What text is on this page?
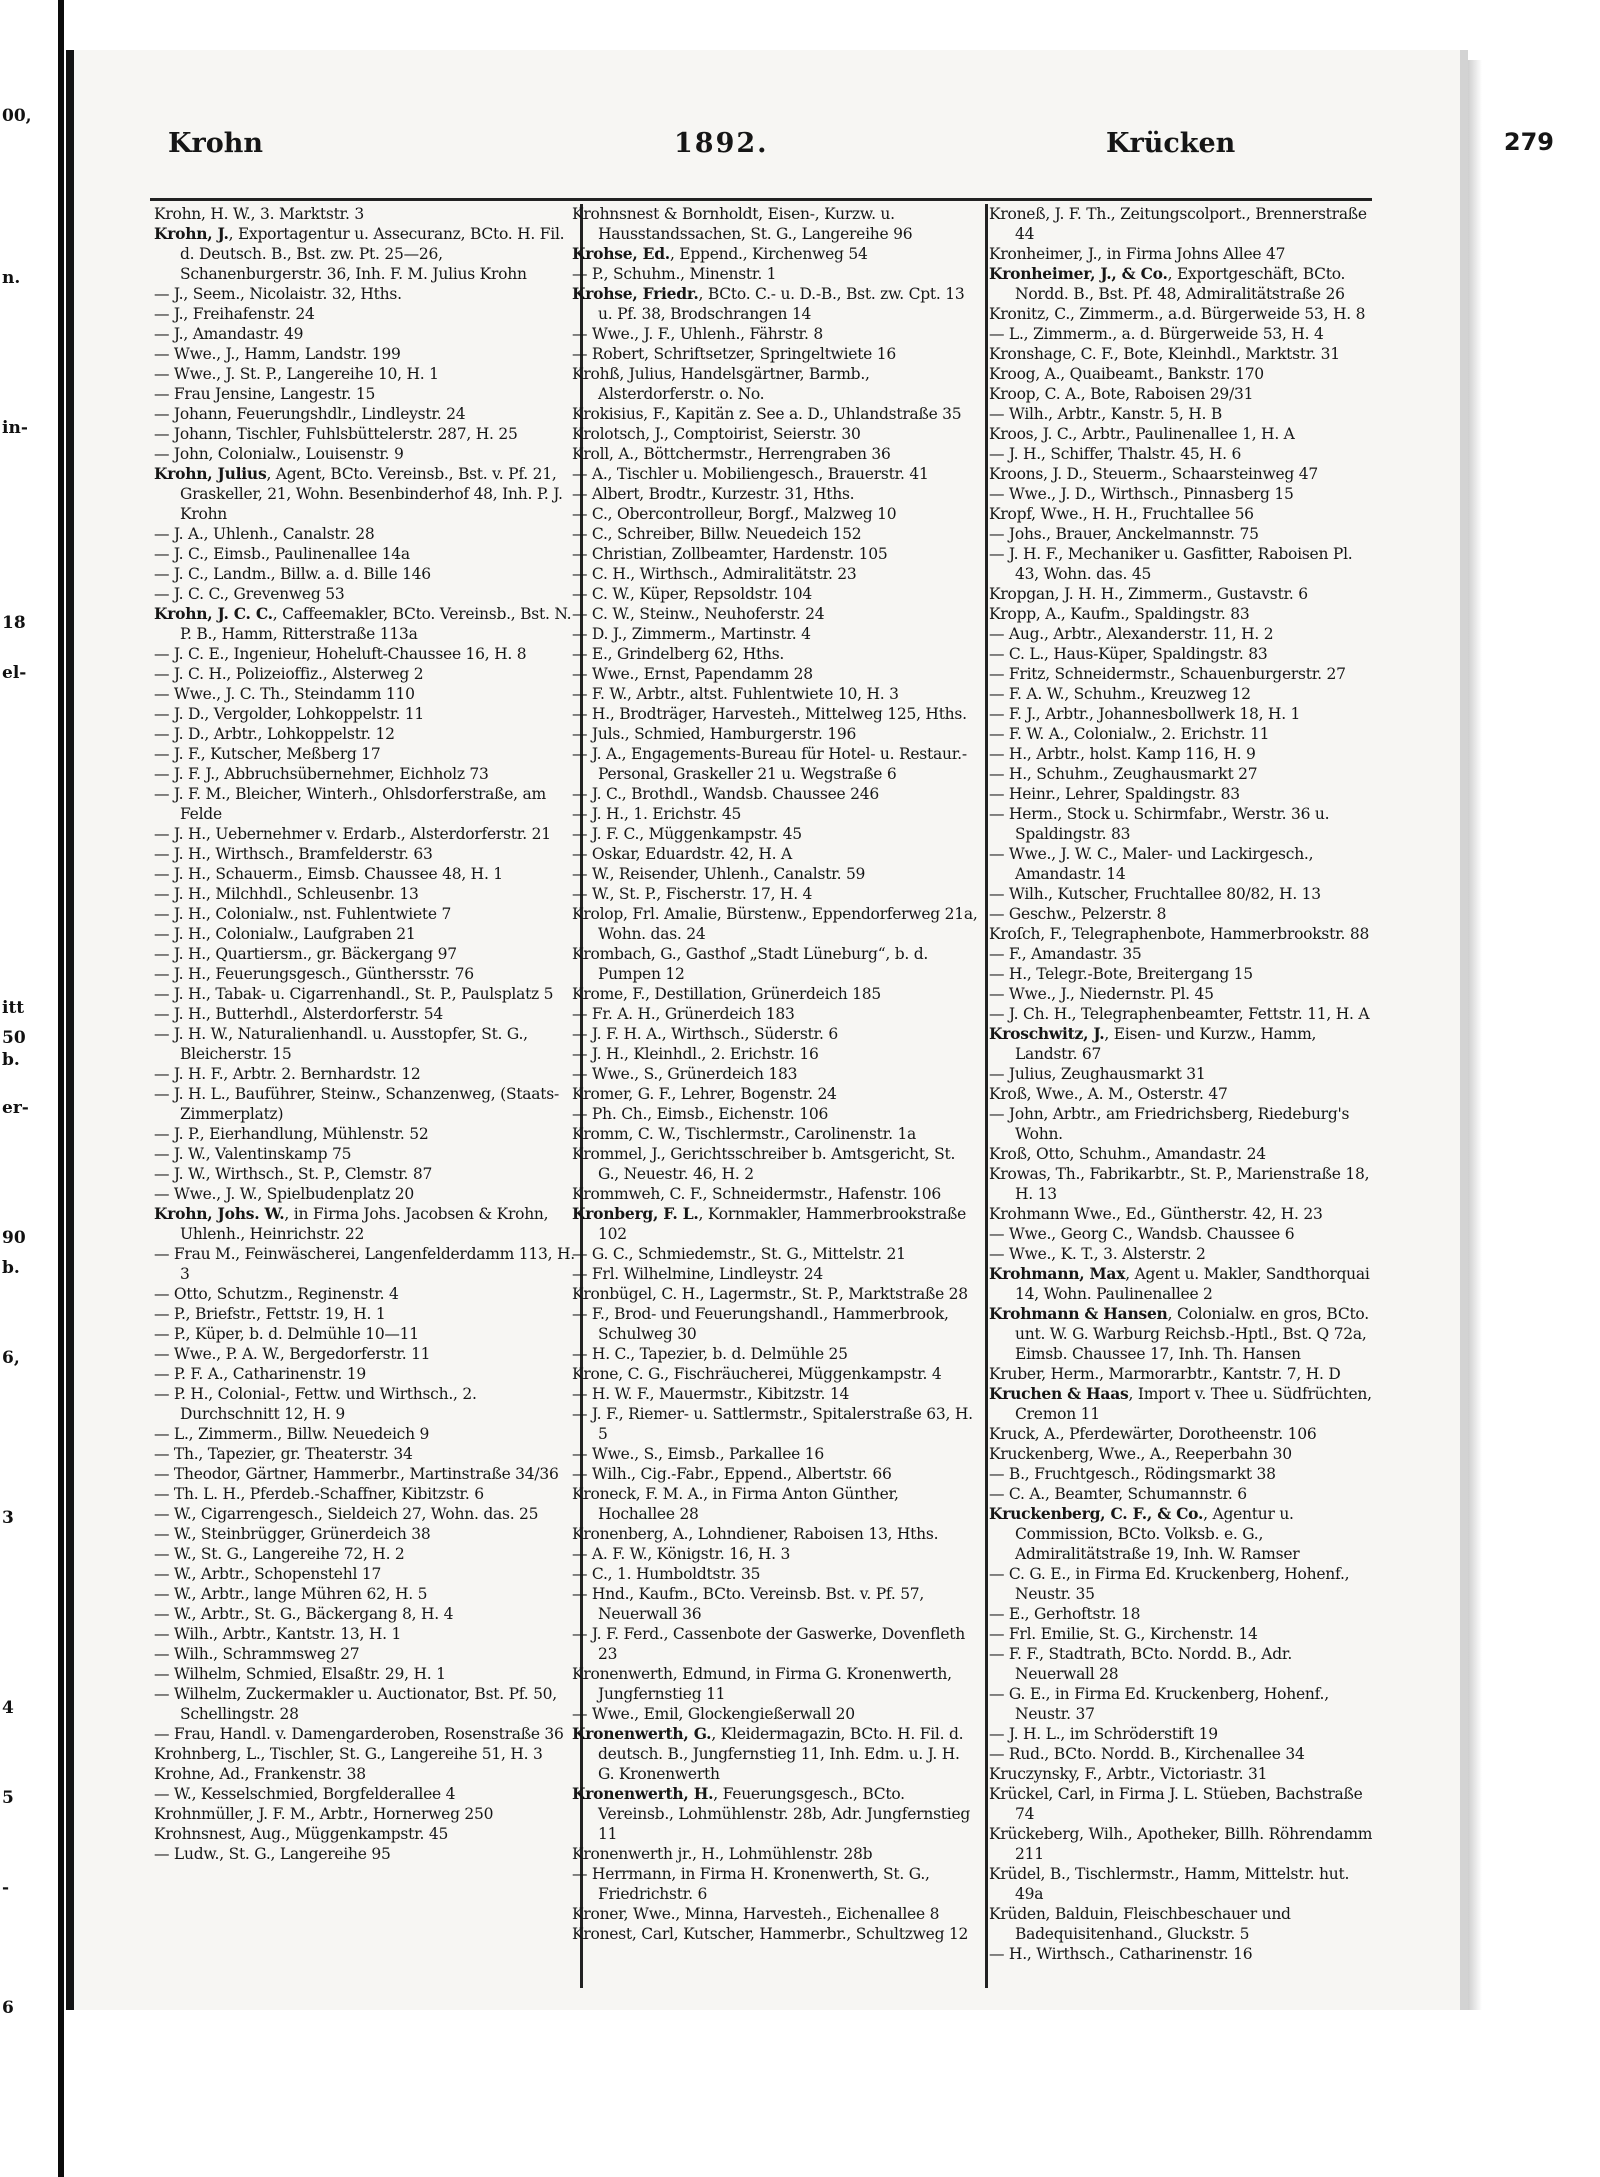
00,
n.
in-
18
el-
itt
50
b.
er-
90
b.
6,
3
4
5
-
6
Krohn	1892.	Krücken	279
Krohn, H. W., 3. Marktstr. 3
Krohn, J., Exportagentur u. Assecuranz, BCto. H. Fil. d. Deutsch. B., Bst. zw. Pt. 25—26, Schanenburgerstr. 36, Inh. F. M. Julius Krohn
— J., Seem., Nicolaistr. 32, Hths.
— J., Freihafenstr. 24
— J., Amandastr. 49
— Wwe., J., Hamm, Landstr. 199
— Wwe., J. St. P., Langereihe 10, H. 1
— Frau Jensine, Langestr. 15
— Johann, Feuerungshdlr., Lindleystr. 24
— Johann, Tischler, Fuhlsbüttelerstr. 287, H. 25
— John, Colonialw., Louisenstr. 9
Krohn, Julius, Agent, BCto. Vereinsb., Bst. v. Pf. 21, Graskeller, 21, Wohn. Besenbinderhof 48, Inh. P. J. Krohn
— J. A., Uhlenh., Canalstr. 28
— J. C., Eimsb., Paulinenallee 14a
— J. C., Landm., Billw. a. d. Bille 146
— J. C. C., Grevenweg 53
Krohn, J. C. C., Caffeemakler, BCto. Vereinsb., Bst. N. P. B., Hamm, Ritterstraße 113a
— J. C. E., Ingenieur, Hoheluft-Chaussee 16, H. 8
— J. C. H., Polizeioffiz., Alsterweg 2
— Wwe., J. C. Th., Steindamm 110
— J. D., Vergolder, Lohkoppelstr. 11
— J. D., Arbtr., Lohkoppelstr. 12
— J. F., Kutscher, Meßberg 17
— J. F. J., Abbruchsübernehmer, Eichholz 73
— J. F. M., Bleicher, Winterh., Ohlsdorferstraße, am Felde
— J. H., Uebernehmer v. Erdarb., Alsterdorferstr. 21
— J. H., Wirthsch., Bramfelderstr. 63
— J. H., Schauerm., Eimsb. Chaussee 48, H. 1
— J. H., Milchhdl., Schleusenbr. 13
— J. H., Colonialw., nst. Fuhlentwiete 7
— J. H., Colonialw., Laufgraben 21
— J. H., Quartiersm., gr. Bäckergang 97
— J. H., Feuerungsgesch., Günthersstr. 76
— J. H., Tabak- u. Cigarrenhandl., St. P., Paulsplatz 5
— J. H., Butterhdl., Alsterdorferstr. 54
— J. H. W., Naturalienhandl. u. Ausstopfer, St. G., Bleicherstr. 15
— J. H. F., Arbtr. 2. Bernhardstr. 12
— J. H. L., Bauführer, Steinw., Schanzenweg, (Staats-Zimmerplatz)
— J. P., Eierhandlung, Mühlenstr. 52
— J. W., Valentinskamp 75
— J. W., Wirthsch., St. P., Clemstr. 87
— Wwe., J. W., Spielbudenplatz 20
Krohn, Johs. W., in Firma Johs. Jacobsen & Krohn, Uhlenh., Heinrichstr. 22
— Frau M., Feinwäscherei, Langenfelderdamm 113, H. 3
— Otto, Schutzm., Reginenstr. 4
— P., Briefstr., Fettstr. 19, H. 1
— P., Küper, b. d. Delmühle 10—11
— Wwe., P. A. W., Bergedorferstr. 11
— P. F. A., Catharinenstr. 19
— P. H., Colonial-, Fettw. und Wirthsch., 2. Durchschnitt 12, H. 9
— L., Zimmerm., Billw. Neuedeich 9
— Th., Tapezier, gr. Theaterstr. 34
— Theodor, Gärtner, Hammerbr., Martinstraße 34/36
— Th. L. H., Pferdeb.-Schaffner, Kibitzstr. 6
— W., Cigarrengesch., Sieldeich 27, Wohn. das. 25
— W., Steinbrügger, Grünerdeich 38
— W., St. G., Langereihe 72, H. 2
— W., Arbtr., Schopenstehl 17
— W., Arbtr., lange Mühren 62, H. 5
— W., Arbtr., St. G., Bäckergang 8, H. 4
— Wilh., Arbtr., Kantstr. 13, H. 1
— Wilh., Schrammsweg 27
— Wilhelm, Schmied, Elsaßtr. 29, H. 1
— Wilhelm, Zuckermakler u. Auctionator, Bst. Pf. 50, Schellingstr. 28
— Frau, Handl. v. Damengarderoben, Rosenstraße 36
Krohnberg, L., Tischler, St. G., Langereihe 51, H. 3
Krohne, Ad., Frankenstr. 38
— W., Kesselschmied, Borgfelderallee 4
Krohnmüller, J. F. M., Arbtr., Hornerweg 250
Krohnsnest, Aug., Müggenkampstr. 45
— Ludw., St. G., Langereihe 95
Krohnsnest & Bornholdt, Eisen-, Kurzw. u. Hausstandssachen, St. G., Langereihe 96
Krohse, Ed., Eppend., Kirchenweg 54
— P., Schuhm., Minenstr. 1
Krohse, Friedr., BCto. C.- u. D.-B., Bst. zw. Cpt. 13 u. Pf. 38, Brodschrangen 14
— Wwe., J. F., Uhlenh., Fährstr. 8
— Robert, Schriftsetzer, Springeltwiete 16
Krohß, Julius, Handelsgärtner, Barmb., Alsterdorferstr. o. No.
Krokisius, F., Kapitän z. See a. D., Uhlandstraße 35
Krolotsch, J., Comptoirist, Seierstr. 30
Kroll, A., Böttchermstr., Herrengraben 36
— A., Tischler u. Mobiliengesch., Brauerstr. 41
— Albert, Brodtr., Kurzestr. 31, Hths.
— C., Obercontrolleur, Borgf., Malzweg 10
— C., Schreiber, Billw. Neuedeich 152
— Christian, Zollbeamter, Hardenstr. 105
— C. H., Wirthsch., Admiralitätstr. 23
— C. W., Küper, Repsoldstr. 104
— C. W., Steinw., Neuhoferstr. 24
— D. J., Zimmerm., Martinstr. 4
— E., Grindelberg 62, Hths.
— Wwe., Ernst, Papendamm 28
— F. W., Arbtr., altst. Fuhlentwiete 10, H. 3
— H., Brodträger, Harvesteh., Mittelweg 125, Hths.
— Juls., Schmied, Hamburgerstr. 196
— J. A., Engagements-Bureau für Hotel- u. Restaur.-Personal, Graskeller 21 u. Wegstraße 6
— J. C., Brothdl., Wandsb. Chaussee 246
— J. H., 1. Erichstr. 45
— J. F. C., Müggenkampstr. 45
— Oskar, Eduardstr. 42, H. A
— W., Reisender, Uhlenh., Canalstr. 59
— W., St. P., Fischerstr. 17, H. 4
Krolop, Frl. Amalie, Bürstenw., Eppendorferweg 21a, Wohn. das. 24
Krombach, G., Gasthof „Stadt Lüneburg“, b. d. Pumpen 12
Krome, F., Destillation, Grünerdeich 185
— Fr. A. H., Grünerdeich 183
— J. F. H. A., Wirthsch., Süderstr. 6
— J. H., Kleinhdl., 2. Erichstr. 16
— Wwe., S., Grünerdeich 183
Kromer, G. F., Lehrer, Bogenstr. 24
— Ph. Ch., Eimsb., Eichenstr. 106
Kromm, C. W., Tischlermstr., Carolinenstr. 1a
Krommel, J., Gerichtsschreiber b. Amtsgericht, St. G., Neuestr. 46, H. 2
Krommweh, C. F., Schneidermstr., Hafenstr. 106
Kronberg, F. L., Kornmakler, Hammerbrookstraße 102
— G. C., Schmiedemstr., St. G., Mittelstr. 21
— Frl. Wilhelmine, Lindleystr. 24
Kronbügel, C. H., Lagermstr., St. P., Marktstraße 28
— F., Brod- und Feuerungshandl., Hammerbrook, Schulweg 30
— H. C., Tapezier, b. d. Delmühle 25
Krone, C. G., Fischräucherei, Müggenkampstr. 4
— H. W. F., Mauermstr., Kibitzstr. 14
— J. F., Riemer- u. Sattlermstr., Spitalerstraße 63, H. 5
— Wwe., S., Eimsb., Parkallee 16
— Wilh., Cig.-Fabr., Eppend., Albertstr. 66
Kroneck, F. M. A., in Firma Anton Günther, Hochallee 28
Kronenberg, A., Lohndiener, Raboisen 13, Hths.
— A. F. W., Königstr. 16, H. 3
— C., 1. Humboldtstr. 35
— Hnd., Kaufm., BCto. Vereinsb. Bst. v. Pf. 57, Neuerwall 36
— J. F. Ferd., Cassenbote der Gaswerke, Dovenfleth 23
Kronenwerth, Edmund, in Firma G. Kronenwerth, Jungfernstieg 11
— Wwe., Emil, Glockengießerwall 20
Kronenwerth, G., Kleidermagazin, BCto. H. Fil. d. deutsch. B., Jungfernstieg 11, Inh. Edm. u. J. H. G. Kronenwerth
Kronenwerth, H., Feuerungsgesch., BCto. Vereinsb., Lohmühlenstr. 28b, Adr. Jungfernstieg 11
Kronenwerth jr., H., Lohmühlenstr. 28b
— Herrmann, in Firma H. Kronenwerth, St. G., Friedrichstr. 6
Kroner, Wwe., Minna, Harvesteh., Eichenallee 8
Kronest, Carl, Kutscher, Hammerbr., Schultzweg 12
Kroneß, J. F. Th., Zeitungscolport., Brennerstraße 44
Kronheimer, J., in Firma Johns Allee 47
Kronheimer, J., & Co., Exportgeschäft, BCto. Nordd. B., Bst. Pf. 48, Admiralitätstraße 26
Kronitz, C., Zimmerm., a.d. Bürgerweide 53, H. 8
— L., Zimmerm., a. d. Bürgerweide 53, H. 4
Kronshage, C. F., Bote, Kleinhdl., Marktstr. 31
Kroog, A., Quaibeamt., Bankstr. 170
Kroop, C. A., Bote, Raboisen 29/31
— Wilh., Arbtr., Kanstr. 5, H. B
Kroos, J. C., Arbtr., Paulinenallee 1, H. A
— J. H., Schiffer, Thalstr. 45, H. 6
Kroons, J. D., Steuerm., Schaarsteinweg 47
— Wwe., J. D., Wirthsch., Pinnasberg 15
Kropf, Wwe., H. H., Fruchtallee 56
— Johs., Brauer, Anckelmannstr. 75
— J. H. F., Mechaniker u. Gasfitter, Raboisen Pl. 43, Wohn. das. 45
Kropgan, J. H. H., Zimmerm., Gustavstr. 6
Kropp, A., Kaufm., Spaldingstr. 83
— Aug., Arbtr., Alexanderstr. 11, H. 2
— C. L., Haus-Küper, Spaldingstr. 83
— Fritz, Schneidermstr., Schauenburgerstr. 27
— F. A. W., Schuhm., Kreuzweg 12
— F. J., Arbtr., Johannesbollwerk 18, H. 1
— F. W. A., Colonialw., 2. Erichstr. 11
— H., Arbtr., holst. Kamp 116, H. 9
— H., Schuhm., Zeughausmarkt 27
— Heinr., Lehrer, Spaldingstr. 83
— Herm., Stock u. Schirmfabr., Werstr. 36 u. Spaldingstr. 83
— Wwe., J. W. C., Maler- und Lackirgesch., Amandastr. 14
— Wilh., Kutscher, Fruchtallee 80/82, H. 13
— Geschw., Pelzerstr. 8
Kroſch, F., Telegraphenbote, Hammerbrookstr. 88
— F., Amandastr. 35
— H., Telegr.-Bote, Breitergang 15
— Wwe., J., Niedernstr. Pl. 45
— J. Ch. H., Telegraphenbeamter, Fettstr. 11, H. A
Kroschwitz, J., Eisen- und Kurzw., Hamm, Landstr. 67
— Julius, Zeughausmarkt 31
Kroß, Wwe., A. M., Osterstr. 47
— John, Arbtr., am Friedrichsberg, Riedeburg's Wohn.
Kroß, Otto, Schuhm., Amandastr. 24
Krowas, Th., Fabrikarbtr., St. P., Marienstraße 18, H. 13
Krohmann Wwe., Ed., Güntherstr. 42, H. 23
— Wwe., Georg C., Wandsb. Chaussee 6
— Wwe., K. T., 3. Alsterstr. 2
Krohmann, Max, Agent u. Makler, Sandthorquai 14, Wohn. Paulinenallee 2
Krohmann & Hansen, Colonialw. en gros, BCto. unt. W. G. Warburg Reichsb.-Hptl., Bst. Q 72a, Eimsb. Chaussee 17, Inh. Th. Hansen
Kruber, Herm., Marmorarbtr., Kantstr. 7, H. D
Kruchen & Haas, Import v. Thee u. Südfrüchten, Cremon 11
Kruck, A., Pferdewärter, Dorotheenstr. 106
Kruckenberg, Wwe., A., Reeperbahn 30
— B., Fruchtgesch., Rödingsmarkt 38
— C. A., Beamter, Schumannstr. 6
Kruckenberg, C. F., & Co., Agentur u. Commission, BCto. Volksb. e. G., Admiralitätstraße 19, Inh. W. Ramser
— C. G. E., in Firma Ed. Kruckenberg, Hohenf., Neustr. 35
— E., Gerhoftstr. 18
— Frl. Emilie, St. G., Kirchenstr. 14
— F. F., Stadtrath, BCto. Nordd. B., Adr. Neuerwall 28
— G. E., in Firma Ed. Kruckenberg, Hohenf., Neustr. 37
— J. H. L., im Schröderstift 19
— Rud., BCto. Nordd. B., Kirchenallee 34
Kruczynsky, F., Arbtr., Victoriastr. 31
Krückel, Carl, in Firma J. L. Stüeben, Bachstraße 74
Krückeberg, Wilh., Apotheker, Billh. Röhrendamm 211
Krüdel, B., Tischlermstr., Hamm, Mittelstr. hut. 49a
Krüden, Balduin, Fleischbeschauer und Badequisitenhand., Gluckstr. 5
— H., Wirthsch., Catharinenstr. 16
